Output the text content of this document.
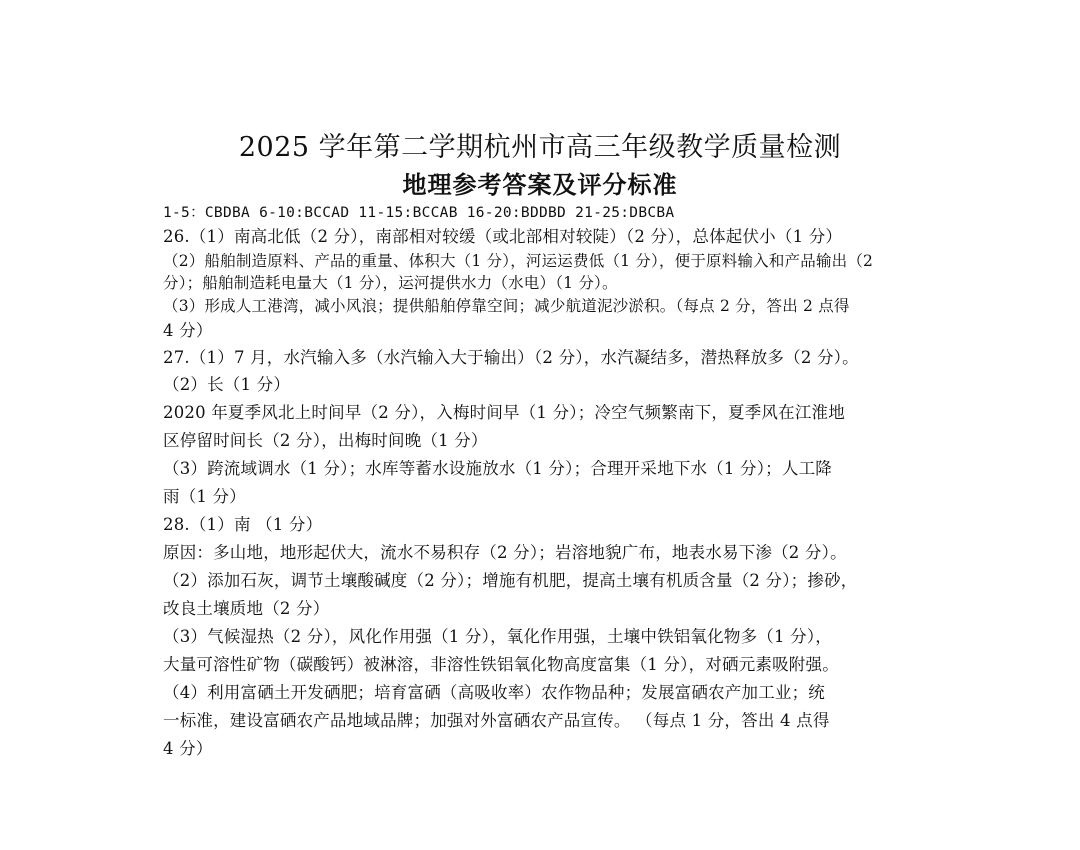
2025 学年第二学期杭州市高三年级教学质量检测
地理参考答案及评分标准
1-5：CBDBA 6-10:BCCAD 11-15:BCCAB 16-20:BDDBD 21-25:DBCBA
26.（1）南高北低（2 分），南部相对较缓（或北部相对较陡）（2 分），总体起伏小（1 分）
（2）船舶制造原料、产品的重量、体积大（1 分），河运运费低（1 分），便于原料输入和产品输出（2
分）；船舶制造耗电量大（1 分），运河提供水力（水电）（1 分）。
（3）形成人工港湾，减小风浪；提供船舶停靠空间；减少航道泥沙淤积。（每点 2 分，答出 2 点得
4 分）
27.（1）7 月，水汽输入多（水汽输入大于输出）（2 分），水汽凝结多，潜热释放多（2 分）。
（2）长（1 分）
2020 年夏季风北上时间早（2 分），入梅时间早（1 分）；冷空气频繁南下，夏季风在江淮地
区停留时间长（2 分），出梅时间晚（1 分）
（3）跨流域调水（1 分）；水库等蓄水设施放水（1 分）；合理开采地下水（1 分）；人工降
雨（1 分）
28.（1）南 （1 分）
原因：多山地，地形起伏大，流水不易积存（2 分）；岩溶地貌广布，地表水易下渗（2 分）。
（2）添加石灰，调节土壤酸碱度（2 分）；增施有机肥，提高土壤有机质含量（2 分）；掺砂，
改良土壤质地（2 分）
（3）气候湿热（2 分），风化作用强（1 分），氧化作用强，土壤中铁铝氧化物多（1 分），
大量可溶性矿物（碳酸钙）被淋溶，非溶性铁铝氧化物高度富集（1 分），对硒元素吸附强。
（4）利用富硒土开发硒肥；培育富硒（高吸收率）农作物品种；发展富硒农产加工业；统
一标准，建设富硒农产品地域品牌；加强对外富硒农产品宣传。 （每点 1 分，答出 4 点得
4 分）
